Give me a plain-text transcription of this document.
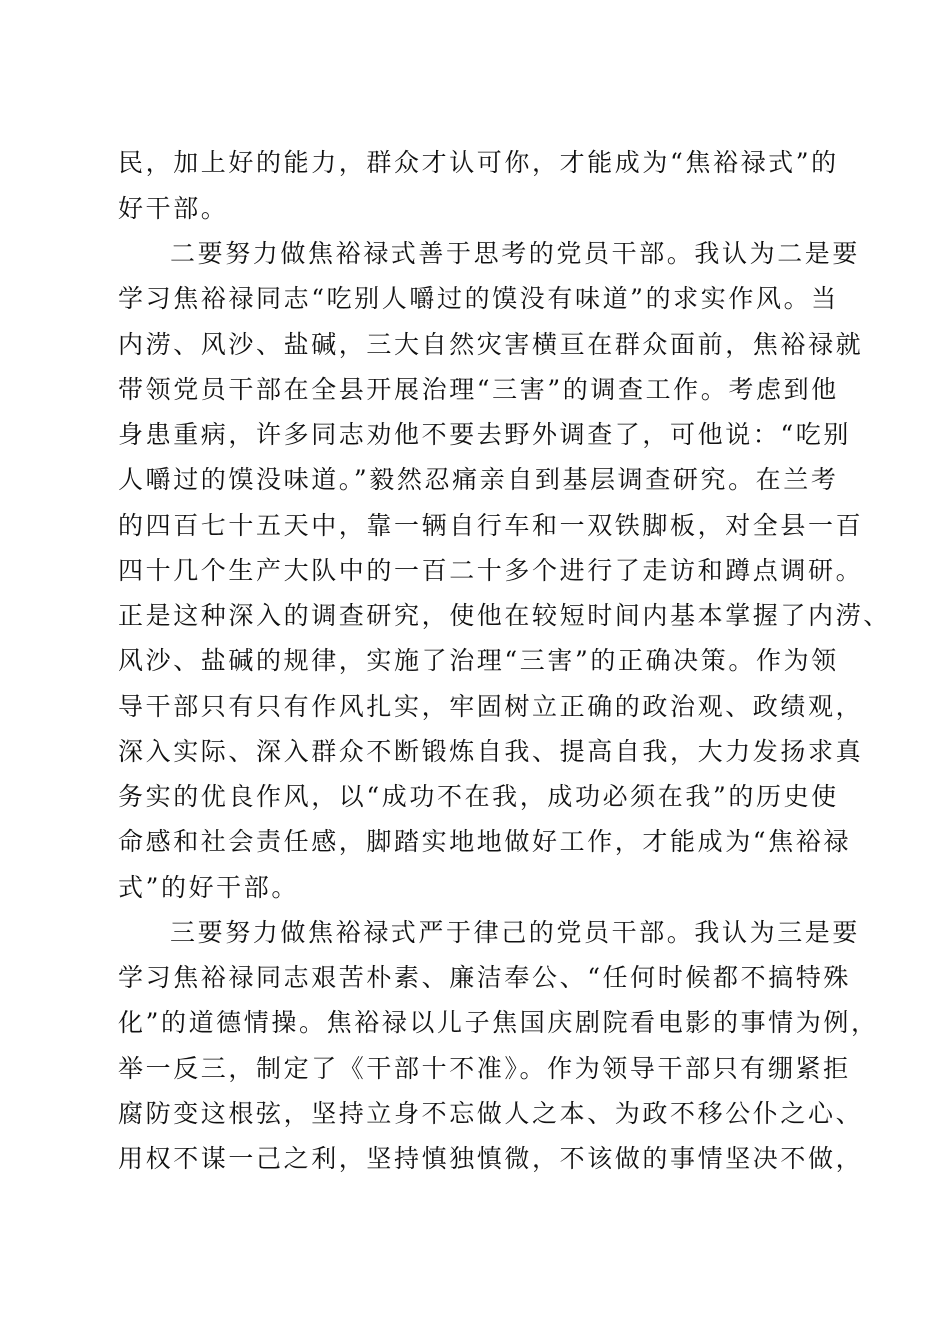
民，加上好的能力，群众才认可你，才能成为“焦裕禄式”的
好干部。
二要努力做焦裕禄式善于思考的党员干部。我认为二是要
学习焦裕禄同志“吃别人嚼过的馍没有味道”的求实作风。当
内涝、风沙、盐碱，三大自然灾害横亘在群众面前，焦裕禄就
带领党员干部在全县开展治理“三害”的调查工作。考虑到他
身患重病，许多同志劝他不要去野外调查了，可他说：“吃别
人嚼过的馍没味道。”毅然忍痛亲自到基层调查研究。在兰考
的四百七十五天中，靠一辆自行车和一双铁脚板，对全县一百
四十几个生产大队中的一百二十多个进行了走访和蹲点调研。
正是这种深入的调查研究，使他在较短时间内基本掌握了内涝、
风沙、盐碱的规律，实施了治理“三害”的正确决策。作为领
导干部只有只有作风扎实，牢固树立正确的政治观、政绩观，
深入实际、深入群众不断锻炼自我、提高自我，大力发扬求真
务实的优良作风，以“成功不在我，成功必须在我”的历史使
命感和社会责任感，脚踏实地地做好工作，才能成为“焦裕禄
式”的好干部。
三要努力做焦裕禄式严于律己的党员干部。我认为三是要
学习焦裕禄同志艰苦朴素、廉洁奉公、“任何时候都不搞特殊
化”的道德情操。焦裕禄以儿子焦国庆剧院看电影的事情为例，
举一反三，制定了《干部十不准》。作为领导干部只有绷紧拒
腐防变这根弦，坚持立身不忘做人之本、为政不移公仆之心、
用权不谋一己之利，坚持慎独慎微，不该做的事情坚决不做，
